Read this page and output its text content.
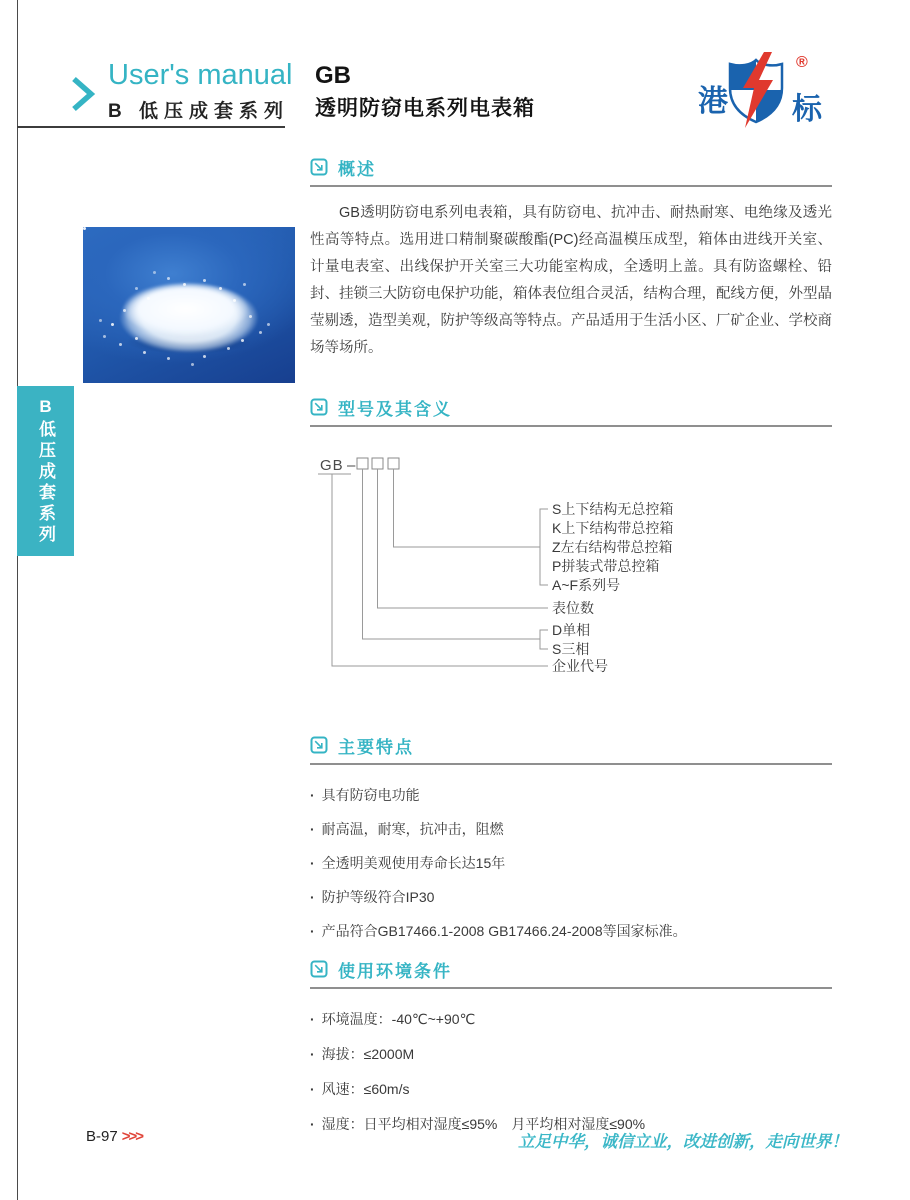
User's manual
B 低压成套系列
GB
透明防窃电系列电表箱	港 标
®
B低压成套系列
概述

GB透明防窃电系列电表箱，具有防窃电、抗冲击、耐热耐寒、电绝缘及透光性高等特点。选用进口精制聚碳酸酯(PC)经高温模压成型，箱体由进线开关室、计量电表室、出线保护开关室三大功能室构成，全透明上盖。具有防盗螺栓、铅封、挂锁三大防窃电保护功能，箱体表位组合灵活，结构合理，配线方便，外型晶莹剔透，造型美观，防护等级高等特点。产品适用于生活小区、厂矿企业、学校商场等场所。

型号及其含义
GB –
S上下结构无总控箱
K上下结构带总控箱
Z左右结构带总控箱
P拼装式带总控箱
A~F系列号
表位数
D单相
S三相
企业代号
主要特点
· 具有防窃电功能
· 耐高温，耐寒，抗冲击，阻燃
· 全透明美观使用寿命长达15年
· 防护等级符合IP30
· 产品符合GB17466.1-2008 GB17466.24-2008等国家标准。
使用环境条件
· 环境温度：-40℃~+90℃
· 海拔：≤2000M
· 风速：≤60m/s
· 湿度：日平均相对湿度≤95%　月平均相对湿度≤90%
B-97 >>>	立足中华，诚信立业，改进创新，走向世界！
